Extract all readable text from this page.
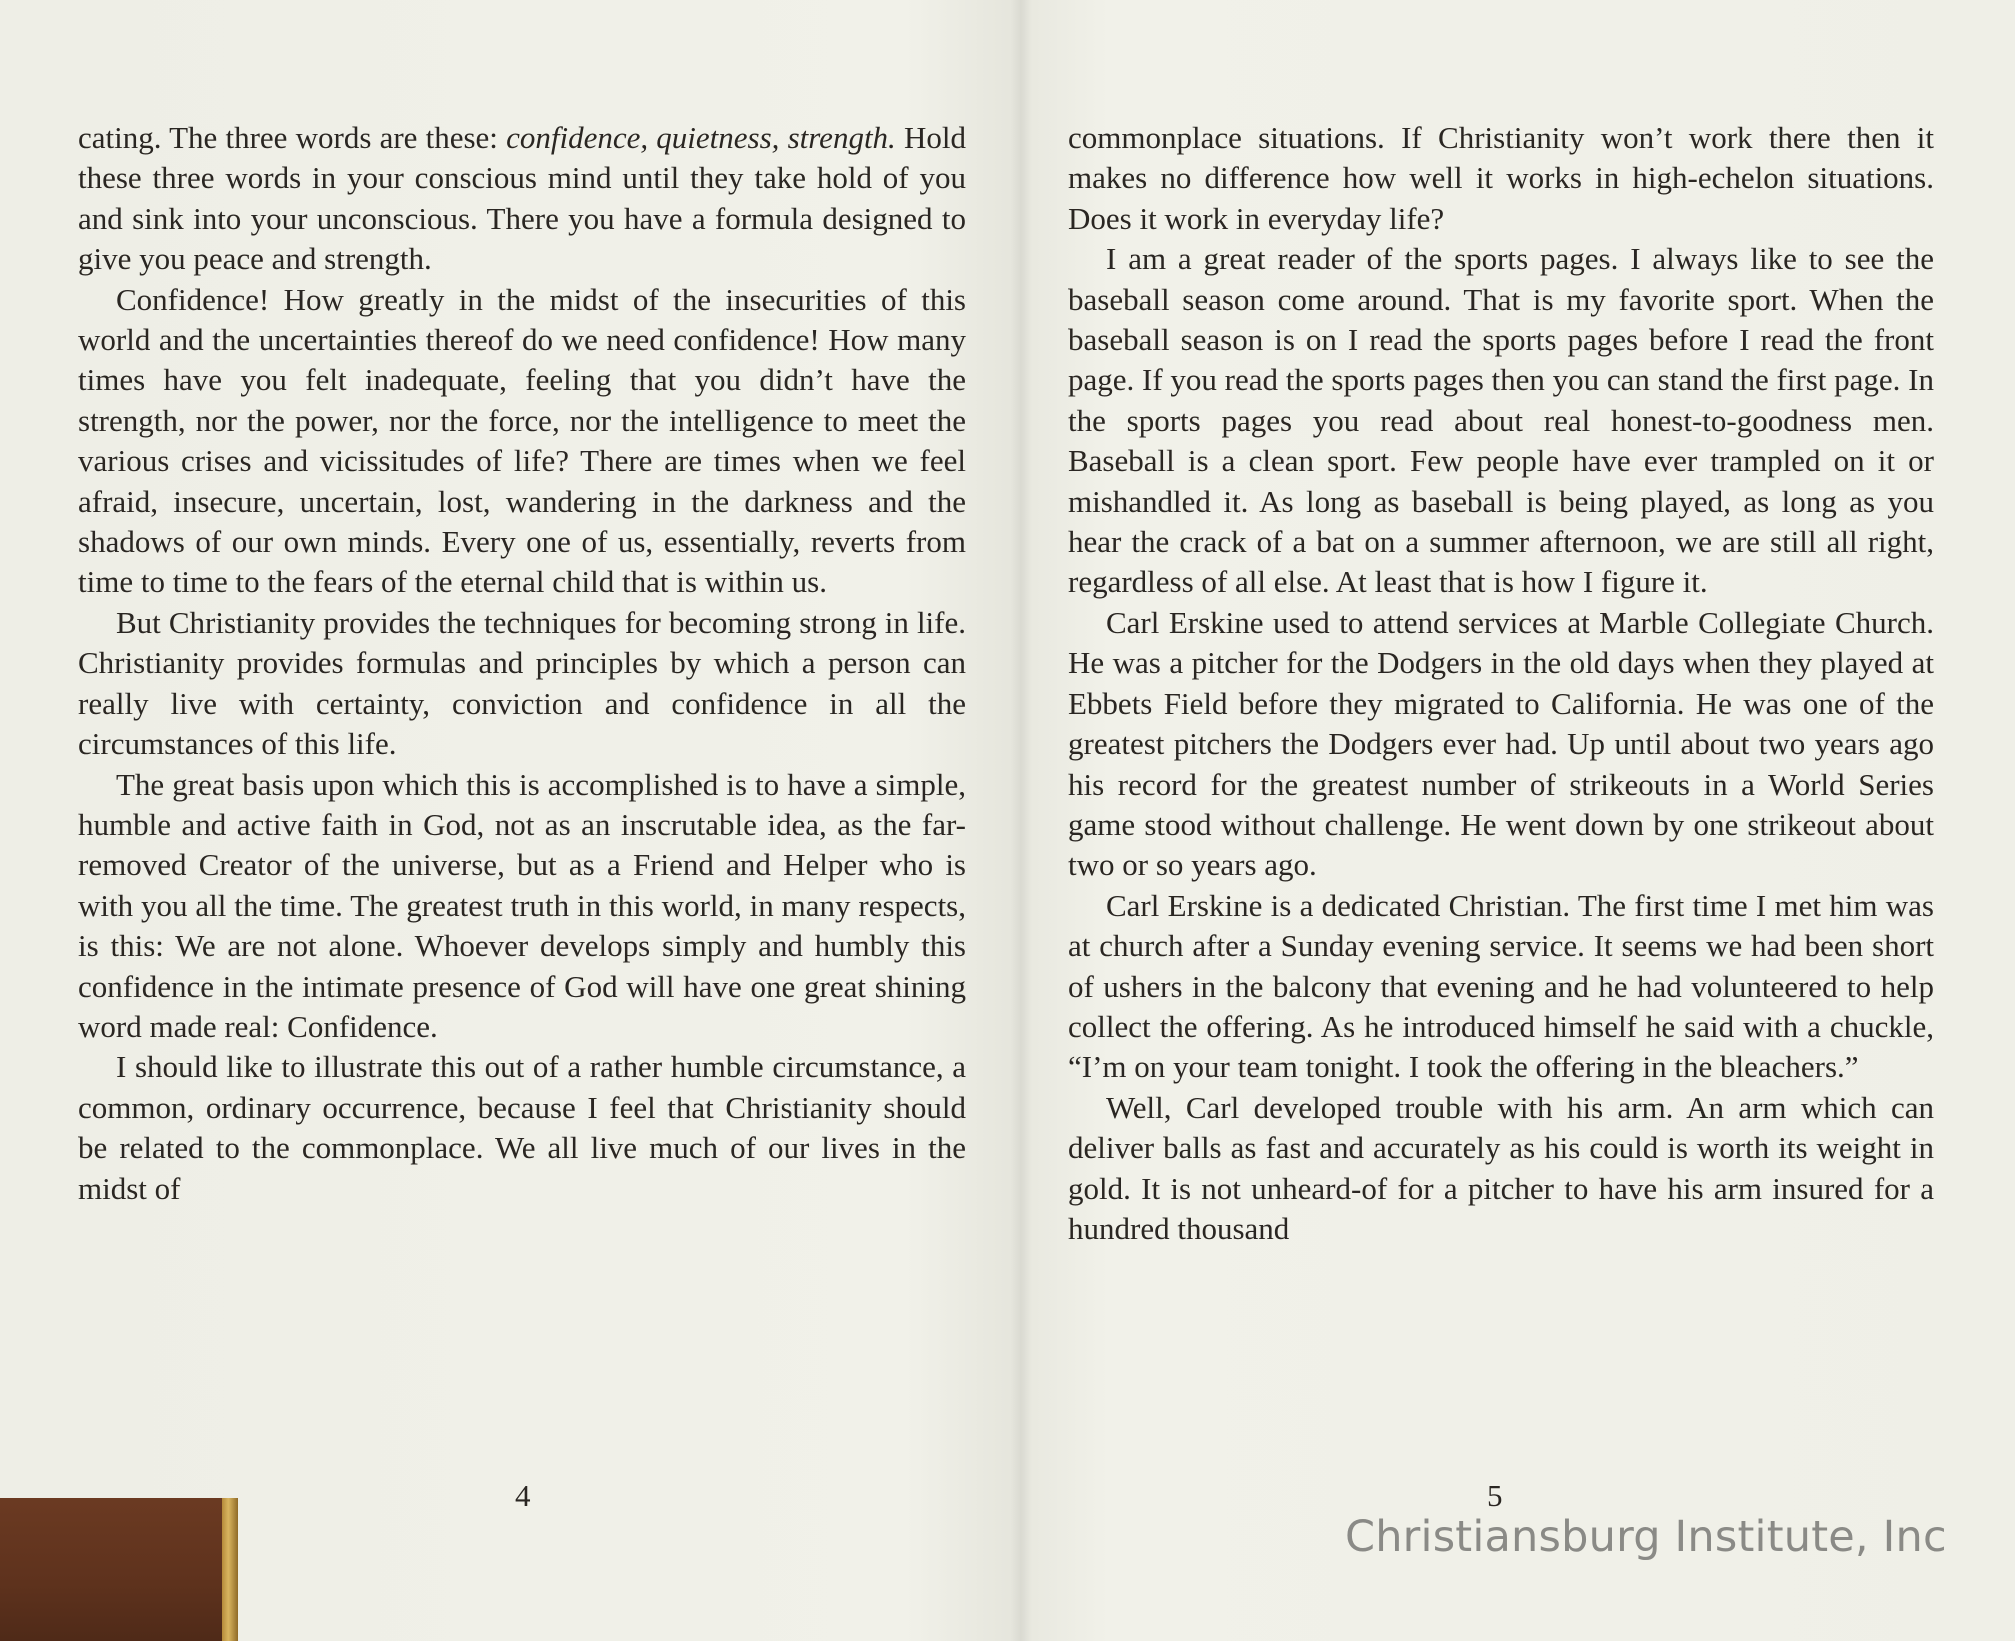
cating. The three words are these: confidence, quietness, strength. Hold these three words in your conscious mind until they take hold of you and sink into your unconscious. There you have a formula designed to give you peace and strength.

Confidence! How greatly in the midst of the insecurities of this world and the uncertainties thereof do we need confidence! How many times have you felt inadequate, feeling that you didn’t have the strength, nor the power, nor the force, nor the intelligence to meet the various crises and vicissitudes of life? There are times when we feel afraid, insecure, uncertain, lost, wandering in the darkness and the shadows of our own minds. Every one of us, essentially, reverts from time to time to the fears of the eternal child that is within us.

But Christianity provides the techniques for becoming strong in life. Christianity provides formulas and principles by which a person can really live with certainty, conviction and confidence in all the circumstances of this life.

The great basis upon which this is accomplished is to have a simple, humble and active faith in God, not as an inscrutable idea, as the far-removed Creator of the universe, but as a Friend and Helper who is with you all the time. The greatest truth in this world, in many respects, is this: We are not alone. Whoever develops simply and humbly this confidence in the intimate presence of God will have one great shining word made real: Confidence.

I should like to illustrate this out of a rather humble circumstance, a common, ordinary occurrence, because I feel that Christianity should be related to the commonplace. We all live much of our lives in the midst of

4

commonplace situations. If Christianity won’t work there then it makes no difference how well it works in high-echelon situations. Does it work in everyday life?

I am a great reader of the sports pages. I always like to see the baseball season come around. That is my favorite sport. When the baseball season is on I read the sports pages before I read the front page. If you read the sports pages then you can stand the first page. In the sports pages you read about real honest-to-goodness men. Baseball is a clean sport. Few people have ever trampled on it or mishandled it. As long as baseball is being played, as long as you hear the crack of a bat on a summer afternoon, we are still all right, regardless of all else. At least that is how I figure it.

Carl Erskine used to attend services at Marble Collegiate Church. He was a pitcher for the Dodgers in the old days when they played at Ebbets Field before they migrated to California. He was one of the greatest pitchers the Dodgers ever had. Up until about two years ago his record for the greatest number of strikeouts in a World Series game stood without challenge. He went down by one strikeout about two or so years ago.

Carl Erskine is a dedicated Christian. The first time I met him was at church after a Sunday evening service. It seems we had been short of ushers in the balcony that evening and he had volunteered to help collect the offering. As he introduced himself he said with a chuckle, “I’m on your team tonight. I took the offering in the bleachers.”

Well, Carl developed trouble with his arm. An arm which can deliver balls as fast and accurately as his could is worth its weight in gold. It is not unheard-of for a pitcher to have his arm insured for a hundred thousand

5
Christiansburg Institute, Inc
